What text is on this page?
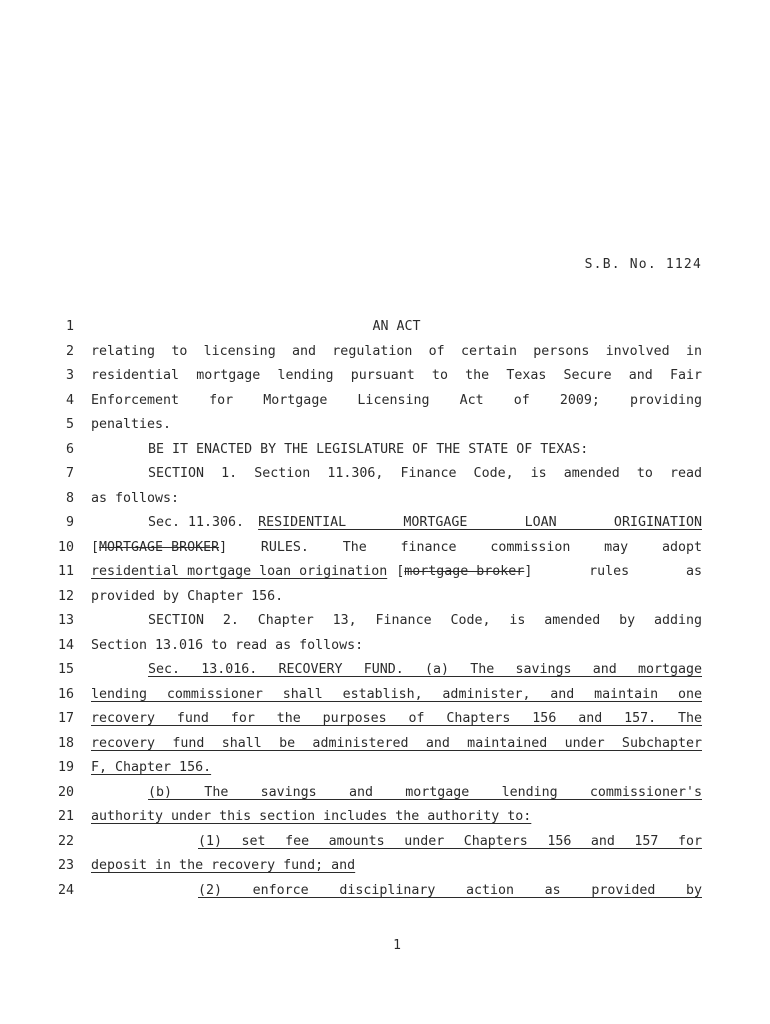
S.B. No. 1124
1
2
3
4
5
6
7
8
9
10
11
12
13
14
15
16
17
18
19
20
21
22
23
24
AN ACT
relating to licensing and regulation of certain persons involved in
residential mortgage lending pursuant to the Texas Secure and Fair
Enforcement for Mortgage Licensing Act of 2009; providing
penalties.
BE IT ENACTED BY THE LEGISLATURE OF THE STATE OF TEXAS:
SECTION 1. Section 11.306, Finance Code, is amended to read
as follows:
Sec. 11.306. RESIDENTIAL MORTGAGE LOAN ORIGINATION
[ MORTGAGE BROKER ] RULES. The finance commission may adopt
residential mortgage loan origination [ mortgage broker ] rules as
provided by Chapter 156.
SECTION 2. Chapter 13, Finance Code, is amended by adding
Section 13.016 to read as follows:
Sec. 13.016. RECOVERY FUND. (a) The savings and mortgage
lending commissioner shall establish, administer, and maintain one
recovery fund for the purposes of Chapters 156 and 157. The
recovery fund shall be administered and maintained under Subchapter
F, Chapter 156.
(b) The savings and mortgage lending commissioner's
authority under this section includes the authority to:
(1) set fee amounts under Chapters 156 and 157 for
deposit in the recovery fund; and
(2) enforce disciplinary action as provided by
1
